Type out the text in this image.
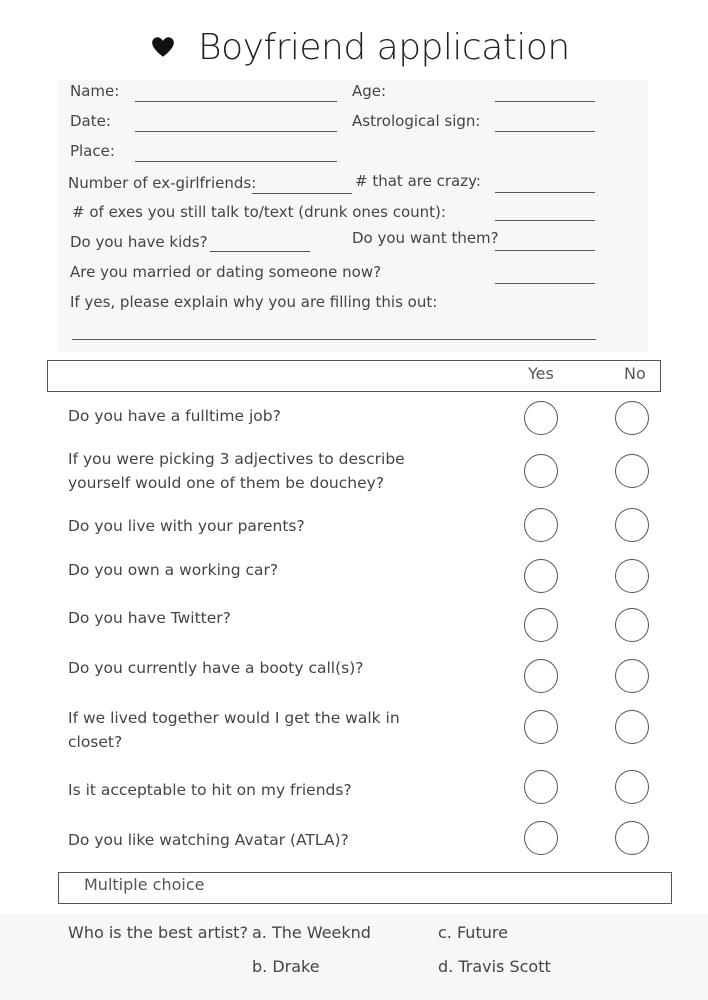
Boyfriend application
Name:	Age:
Date:	Astrological sign:
Place:
Number of ex-girlfriends:	# that are crazy:
# of exes you still talk to/text (drunk ones count):
Do you have kids?	Do you want them?
Are you married or dating someone now?
If yes, please explain why you are filling this out:
Yes	No
Do you have a fulltime job?
If you were picking 3 adjectives to describe
yourself would one of them be douchey?
Do you live with your parents?
Do you own a working car?
Do you have Twitter?
Do you currently have a booty call(s)?
If we lived together would I get the walk in
closet?
Is it acceptable to hit on my friends?
Do you like watching Avatar (ATLA)?
Multiple choice
Who is the best artist? a. The Weeknd	c. Future
b. Drake	d. Travis Scott
